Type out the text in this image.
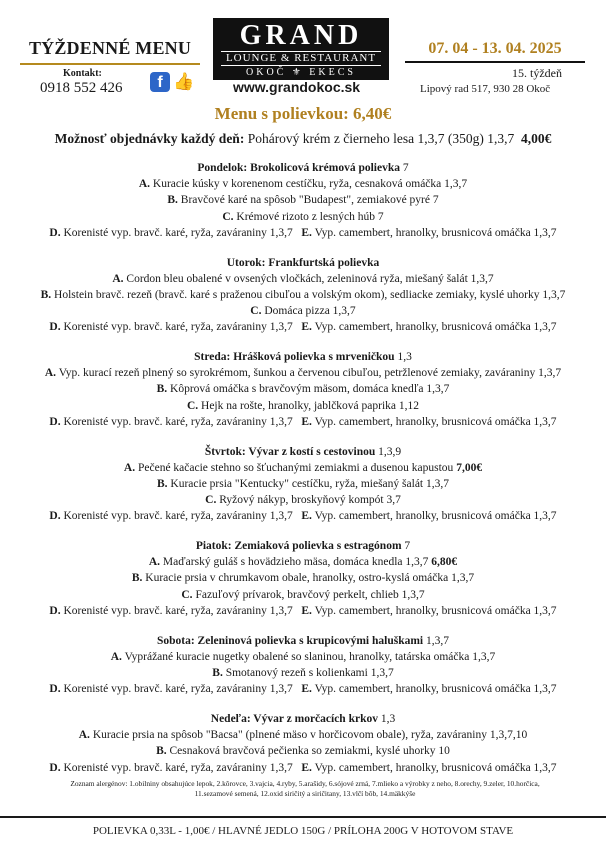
TÝŽDENNÉ MENU
Kontakt:
0918 552 426	f 👍
GRAND
LOUNGE & RESTAURANT
OKOČ ⚜ EKECS
www.grandokoc.sk
07. 04 - 13. 04. 2025
15. týždeň
Lipový rad 517, 930 28 Okoč
Menu s polievkou: 6,40€
Možnosť objednávky každý deň: Pohárový krém z čierneho lesa 1,3,7 (350g) 1,3,7 4,00€
Pondelok: Brokolicová krémová polievka 7
A. Kuracie kúsky v korenenom cestíčku, ryža, cesnaková omáčka 1,3,7
B. Bravčové karé na spôsob "Budapest", zemiakové pyré 7
C. Krémové rizoto z lesných húb 7
D. Korenisté vyp. bravč. karé, ryža, zaváraniny 1,3,7 E. Vyp. camembert, hranolky, brusnicová omáčka 1,3,7
Utorok: Frankfurtská polievka
A. Cordon bleu obalené v ovsených vločkách, zeleninová ryža, miešaný šalát 1,3,7
B. Holstein bravč. rezeň (bravč. karé s praženou cibuľou a volským okom), sedliacke zemiaky, kyslé uhorky 1,3,7
C. Domáca pizza 1,3,7
D. Korenisté vyp. bravč. karé, ryža, zaváraniny 1,3,7 E. Vyp. camembert, hranolky, brusnicová omáčka 1,3,7
Streda: Hrášková polievka s mrveničkou 1,3
A. Vyp. kurací rezeň plnený so syrokrémom, šunkou a červenou cibuľou, petržlenové zemiaky, zaváraniny 1,3,7
B. Kôprová omáčka s bravčovým mäsom, domáca knedľa 1,3,7
C. Hejk na rošte, hranolky, jablčková paprika 1,12
D. Korenisté vyp. bravč. karé, ryža, zaváraniny 1,3,7 E. Vyp. camembert, hranolky, brusnicová omáčka 1,3,7
Štvrtok: Vývar z kostí s cestovinou 1,3,9
A. Pečené kačacie stehno so šťuchanými zemiakmi a dusenou kapustou 7,00€
B. Kuracie prsia "Kentucky" cestíčku, ryža, miešaný šalát 1,3,7
C. Ryžový nákyp, broskyňový kompót 3,7
D. Korenisté vyp. bravč. karé, ryža, zaváraniny 1,3,7 E. Vyp. camembert, hranolky, brusnicová omáčka 1,3,7
Piatok: Zemiaková polievka s estragónom 7
A. Maďarský guláš s hovädzieho mäsa, domáca knedla 1,3,7 6,80€
B. Kuracie prsia v chrumkavom obale, hranolky, ostro-kyslá omáčka 1,3,7
C. Fazuľový prívarok, bravčový perkelt, chlieb 1,3,7
D. Korenisté vyp. bravč. karé, ryža, zaváraniny 1,3,7 E. Vyp. camembert, hranolky, brusnicová omáčka 1,3,7
Sobota: Zeleninová polievka s krupicovými haluškami 1,3,7
A. Vyprážané kuracie nugetky obalené so slaninou, hranolky, tatárska omáčka 1,3,7
B. Smotanový rezeň s kolienkami 1,3,7
D. Korenisté vyp. bravč. karé, ryža, zaváraniny 1,3,7 E. Vyp. camembert, hranolky, brusnicová omáčka 1,3,7
Nedeľa: Vývar z morčacích krkov 1,3
A. Kuracie prsia na spôsob "Bacsa" (plnené mäso v horčicovom obale), ryža, zaváraniny 1,3,7,10
B. Cesnaková bravčová pečienka so zemiakmi, kyslé uhorky 10
D. Korenisté vyp. bravč. karé, ryža, zaváraniny 1,3,7 E. Vyp. camembert, hranolky, brusnicová omáčka 1,3,7
Zoznam alergénov: 1.obilniny obsahujúce lepok, 2.kôrovce, 3.vajcia, 4.ryby, 5.arašidy, 6.sójové zrná, 7.mlieko a výrobky z neho, 8.orechy, 9.zeler, 10.horčica, 11.sezamové semená, 12.oxid siričitý a siričitany, 13.vlčí bôb, 14.mäkkýše
POLIEVKA 0,33L - 1,00€ / HLAVNÉ JEDLO 150G / PRÍLOHA 200G V HOTOVOM STAVE
